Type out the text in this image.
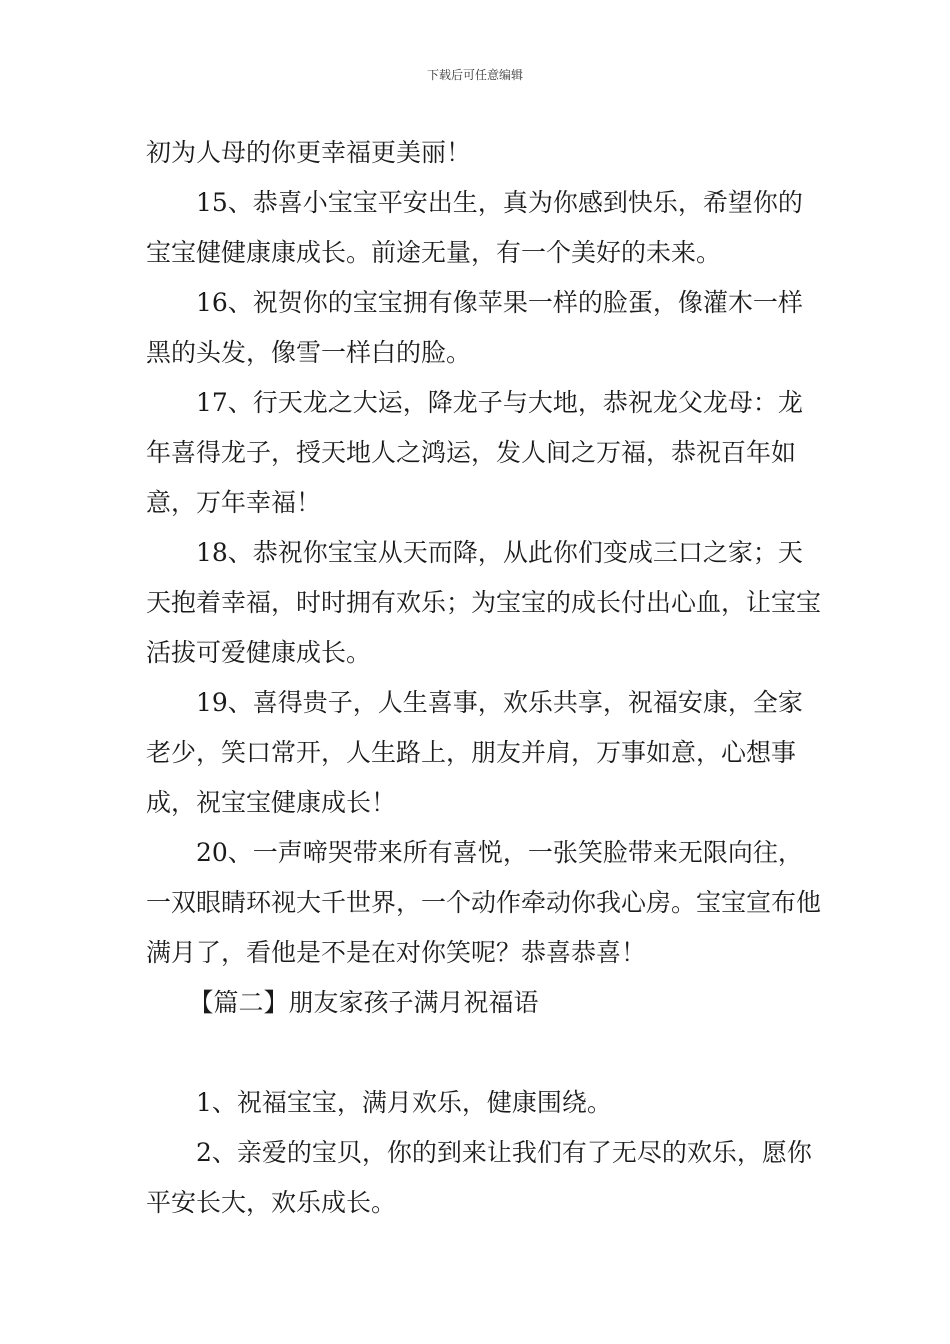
下载后可任意编辑

初为人母的你更幸福更美丽！

15、恭喜小宝宝平安出生，真为你感到快乐，希望你的宝宝健健康康成长。前途无量，有一个美好的未来。

16、祝贺你的宝宝拥有像苹果一样的脸蛋，像灌木一样黑的头发，像雪一样白的脸。

17、行天龙之大运，降龙子与大地，恭祝龙父龙母：龙年喜得龙子，授天地人之鸿运，发人间之万福，恭祝百年如意，万年幸福！

18、恭祝你宝宝从天而降，从此你们变成三口之家；天天抱着幸福，时时拥有欢乐；为宝宝的成长付出心血，让宝宝活拔可爱健康成长。

19、喜得贵子，人生喜事，欢乐共享，祝福安康，全家老少，笑口常开，人生路上，朋友并肩，万事如意，心想事成，祝宝宝健康成长！

20、一声啼哭带来所有喜悦，一张笑脸带来无限向往，一双眼睛环视大千世界，一个动作牵动你我心房。宝宝宣布他满月了，看他是不是在对你笑呢？恭喜恭喜！

【篇二】朋友家孩子满月祝福语

1、祝福宝宝，满月欢乐，健康围绕。

2、亲爱的宝贝，你的到来让我们有了无尽的欢乐，愿你平安长大，欢乐成长。
